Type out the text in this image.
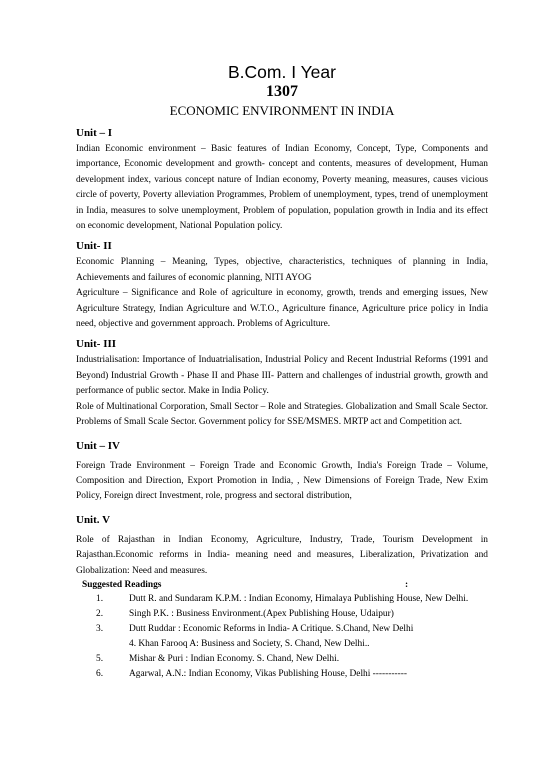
B.Com. I Year
1307
ECONOMIC ENVIRONMENT IN INDIA
Unit – I

Indian Economic environment – Basic features of Indian Economy, Concept, Type, Components and importance, Economic development and growth- concept and contents, measures of development, Human development index, various concept nature of Indian economy, Poverty meaning, measures, causes vicious circle of poverty, Poverty alleviation Programmes, Problem of unemployment, types, trend of unemployment in India, measures to solve unemployment, Problem of population, population growth in India and its effect on economic development, National Population policy.

Unit- II

Economic Planning – Meaning, Types, objective, characteristics, techniques of planning in India, Achievements and failures of economic planning, NITI AYOG

Agriculture – Significance and Role of agriculture in economy, growth, trends and emerging issues, New Agriculture Strategy, Indian Agriculture and W.T.O., Agriculture finance, Agriculture price policy in India need, objective and government approach. Problems of Agriculture.

Unit- III

Industrialisation: Importance of Induatrialisation, Industrial Policy and Recent Industrial Reforms (1991 and Beyond) Industrial Growth - Phase II and Phase III- Pattern and challenges of industrial growth, growth and performance of public sector. Make in India Policy.

Role of Multinational Corporation, Small Sector – Role and Strategies. Globalization and Small Scale Sector. Problems of Small Scale Sector. Government policy for SSE/MSMES. MRTP act and Competition act.

Unit – IV

Foreign Trade Environment – Foreign Trade and Economic Growth, India's Foreign Trade – Volume, Composition and Direction, Export Promotion in India, , New Dimensions of Foreign Trade, New Exim Policy, Foreign direct Investment, role, progress and sectoral distribution,

Unit. V

Role of Rajasthan in Indian Economy, Agriculture, Industry, Trade, Tourism Development in Rajasthan.Economic reforms in India- meaning need and measures, Liberalization, Privatization and Globalization: Need and measures.

Suggested Readings	:
1.	Dutt R. and Sundaram K.P.M. : Indian Economy, Himalaya Publishing House, New Delhi.
2.	Singh P.K. : Business Environment.(Apex Publishing House, Udaipur)
3.	Dutt Ruddar : Economic Reforms in India- A Critique. S.Chand, New Delhi
4. Khan Farooq A: Business and Society, S. Chand, New Delhi..
5.	Mishar & Puri : Indian Economy. S. Chand, New Delhi.
6.	Agarwal, A.N.: Indian Economy, Vikas Publishing House, Delhi -----------
